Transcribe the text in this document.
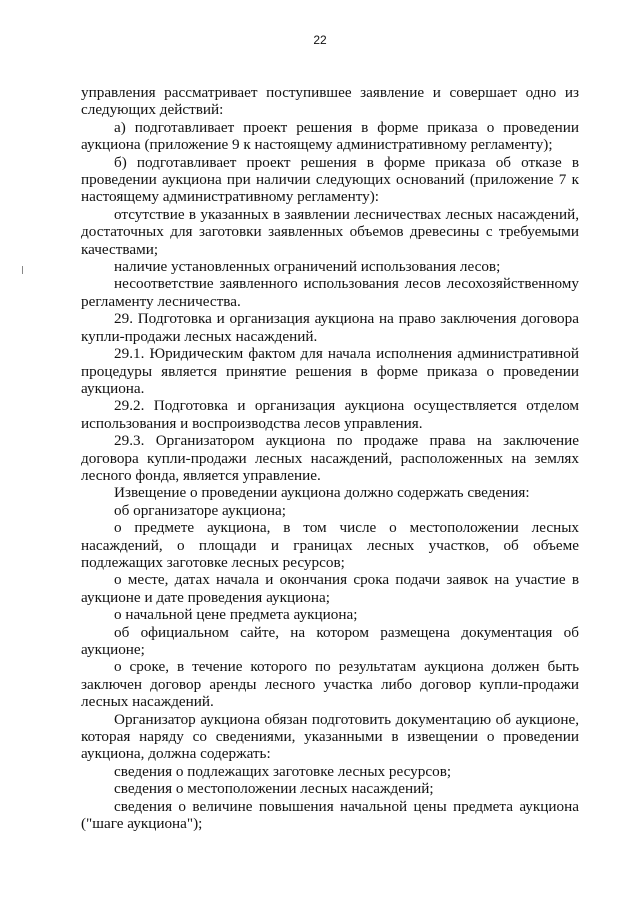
22

управления рассматривает поступившее заявление и совершает одно из следующих действий:

а) подготавливает проект решения в форме приказа о проведении аукциона (приложение 9 к настоящему административному регламенту);

б) подготавливает проект решения в форме приказа об отказе в проведении аукциона при наличии следующих оснований (приложение 7 к настоящему административному регламенту):

отсутствие в указанных в заявлении лесничествах лесных насаждений, достаточных для заготовки заявленных объемов древесины с требуемыми качествами;

наличие установленных ограничений использования лесов;

несоответствие заявленного использования лесов лесохозяйственному регламенту лесничества.

29. Подготовка и организация аукциона на право заключения договора купли-продажи лесных насаждений.

29.1. Юридическим фактом для начала исполнения административной процедуры является принятие решения в форме приказа о проведении аукциона.

29.2. Подготовка и организация аукциона осуществляется отделом использования и воспроизводства лесов управления.

29.3. Организатором аукциона по продаже права на заключение договора купли-продажи лесных насаждений, расположенных на землях лесного фонда, является управление.

Извещение о проведении аукциона должно содержать сведения:

об организаторе аукциона;

о предмете аукциона, в том числе о местоположении лесных насаждений, о площади и границах лесных участков, об объеме подлежащих заготовке лесных ресурсов;

о месте, датах начала и окончания срока подачи заявок на участие в аукционе и дате проведения аукциона;

о начальной цене предмета аукциона;

об официальном сайте, на котором размещена документация об аукционе;

о сроке, в течение которого по результатам аукциона должен быть заключен договор аренды лесного участка либо договор купли-продажи лесных насаждений.

Организатор аукциона обязан подготовить документацию об аукционе, которая наряду со сведениями, указанными в извещении о проведении аукциона, должна содержать:

сведения о подлежащих заготовке лесных ресурсов;

сведения о местоположении лесных насаждений;

сведения о величине повышения начальной цены предмета аукциона ("шаге аукциона");
